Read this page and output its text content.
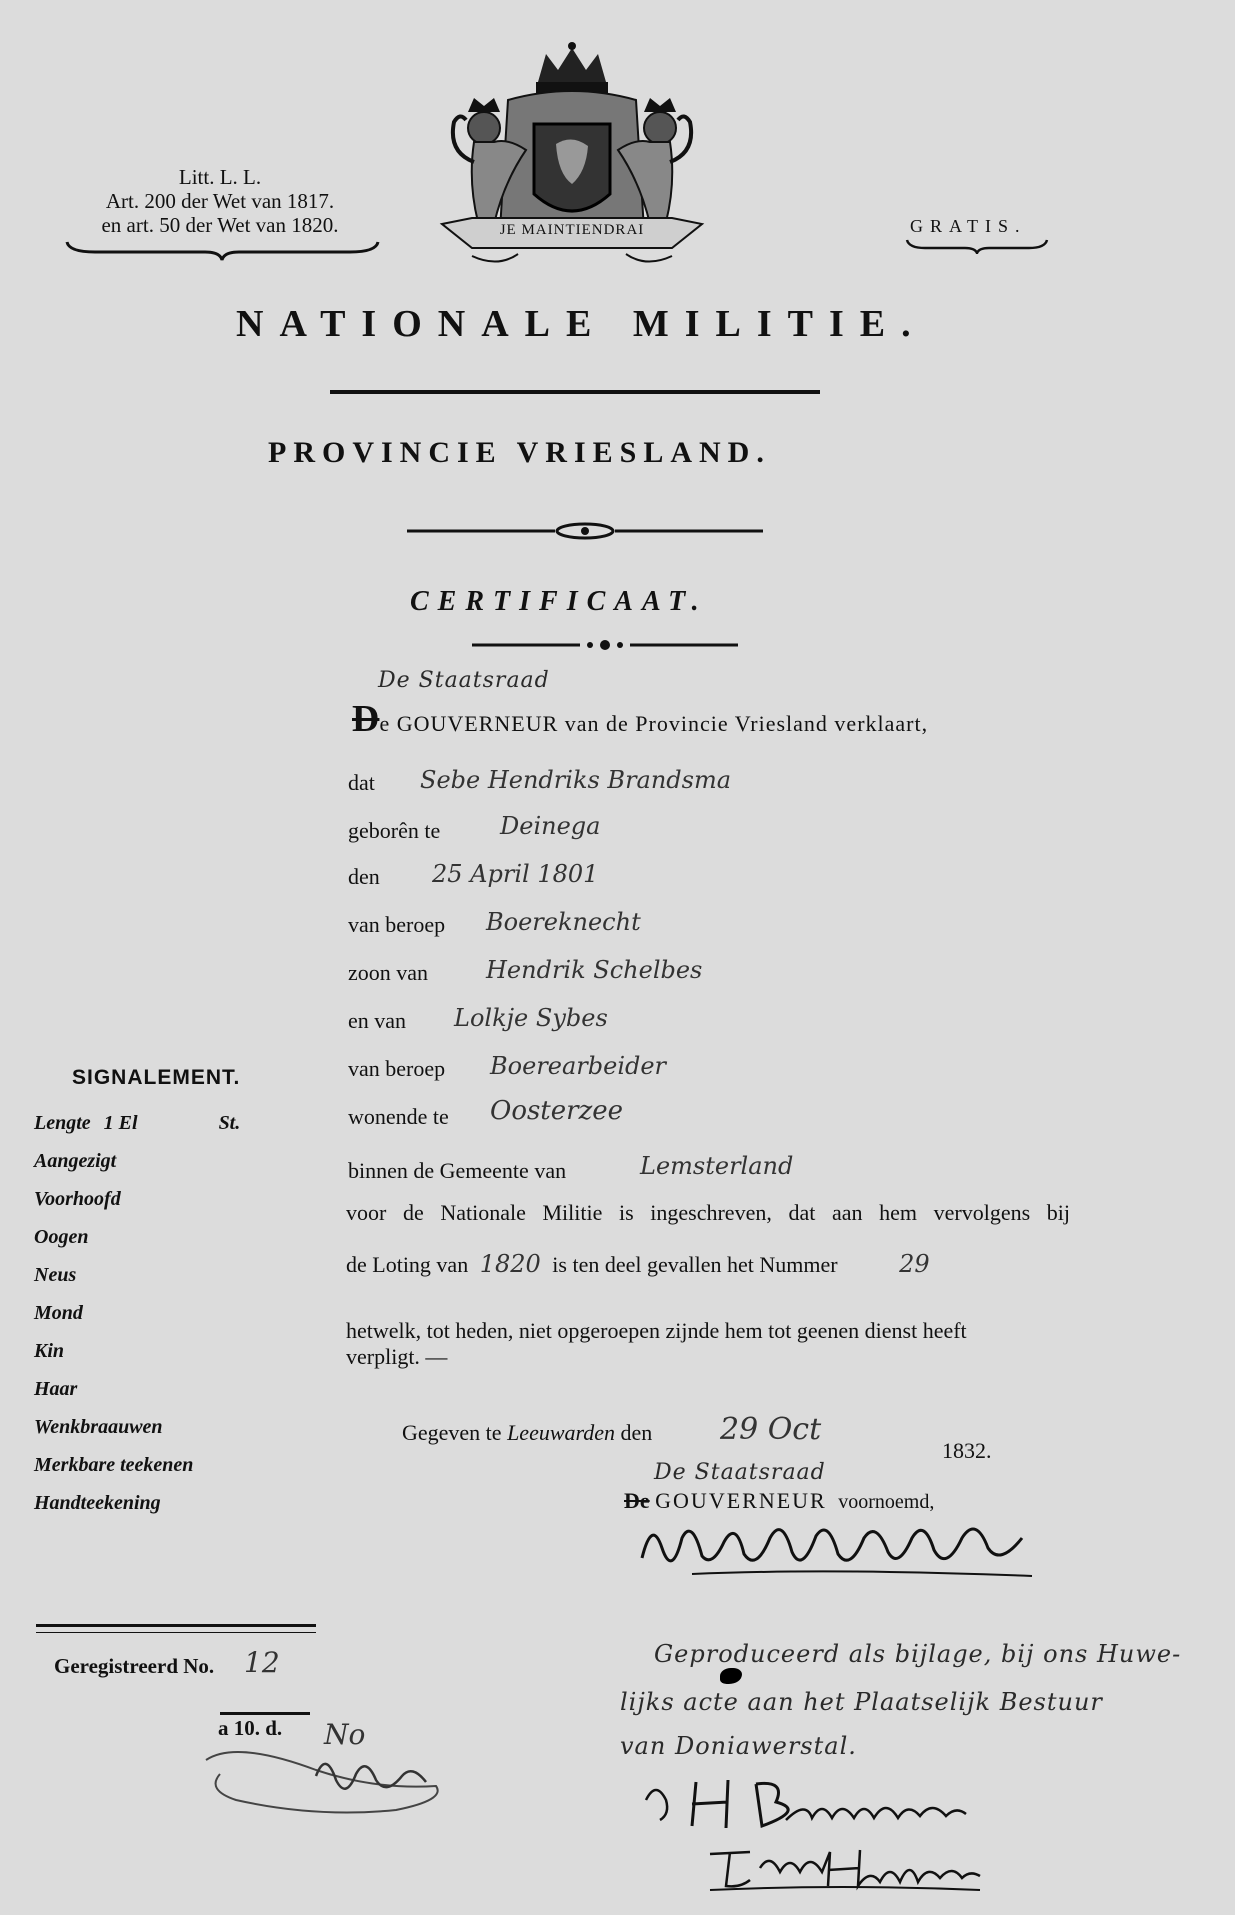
Litt. L. L.
Art. 200 der Wet van 1817.
en art. 50 der Wet van 1820.	JE MAINTIENDRAI	GRATIS.
NATIONALE MILITIE.
PROVINCIE VRIESLAND.
CERTIFICAAT.
De Staatsraad
De GOUVERNEUR van de Provincie Vriesland verklaart,
dat Sebe Hendriks Brandsma
geborên te Deinega
den 25 April 1801
van beroep Boereknecht
zoon van Hendrik Schelbes
en van Lolkje Sybes
van beroep Boerearbeider
wonende te Oosterzee
binnen de Gemeente van	Lemsterland
voor de Nationale Militie is ingeschreven, dat aan hem vervolgens bij
de Loting van 1820 is ten deel gevallen het Nummer	29
hetwelk, tot heden, niet opgeroepen zijnde hem tot geenen dienst heeft
verpligt. —
Gegeven te Leeuwarden den 29 Oct
1832.
De Staatsraad
De GOUVERNEUR voornoemd,
SIGNALEMENT.
Lengte 1 El	St.
Aangezigt
Voorhoofd
Oogen
Neus
Mond
Kin
Haar
Wenkbraauwen
Merkbare teekenen
Handteekening
Geregistreerd No. 12
a 10. d. No
Geproduceerd als bijlage, bij ons Huwe-
lijks acte aan het Plaatselijk Bestuur
van Doniawerstal.
